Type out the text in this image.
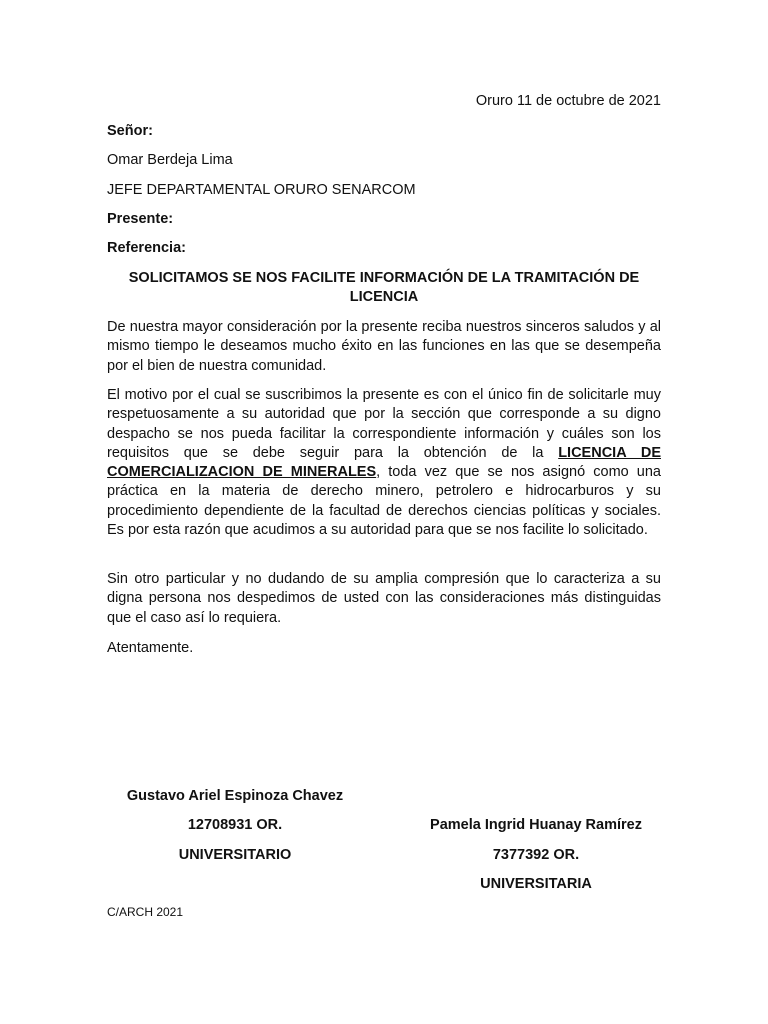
Oruro 11 de octubre de 2021
Señor:
Omar Berdeja Lima
JEFE DEPARTAMENTAL ORURO SENARCOM
Presente:
Referencia:
SOLICITAMOS SE NOS FACILITE INFORMACIÓN DE LA TRAMITACIÓN DE
LICENCIA

De nuestra mayor consideración por la presente reciba nuestros sinceros saludos y al mismo tiempo le deseamos mucho éxito en las funciones en las que se desempeña por el bien de nuestra comunidad.

El motivo por el cual se suscribimos la presente es con el único fin de solicitarle muy respetuosamente a su autoridad que por la sección que corresponde a su digno despacho se nos pueda facilitar la correspondiente información y cuáles son los requisitos que se debe seguir para la obtención de la LICENCIA DE COMERCIALIZACION DE MINERALES, toda vez que se nos asignó como una práctica en la materia de derecho minero, petrolero e hidrocarburos y su procedimiento dependiente de la facultad de derechos ciencias políticas y sociales. Es por esta razón que acudimos a su autoridad para que se nos facilite lo solicitado.

Sin otro particular y no dudando de su amplia compresión que lo caracteriza a su digna persona nos despedimos de usted con las consideraciones más distinguidas que el caso así lo requiera.

Atentamente.
Gustavo Ariel Espinoza Chavez
12708931 OR.
UNIVERSITARIO
Pamela Ingrid Huanay Ramírez
7377392 OR.
UNIVERSITARIA
C/ARCH 2021
